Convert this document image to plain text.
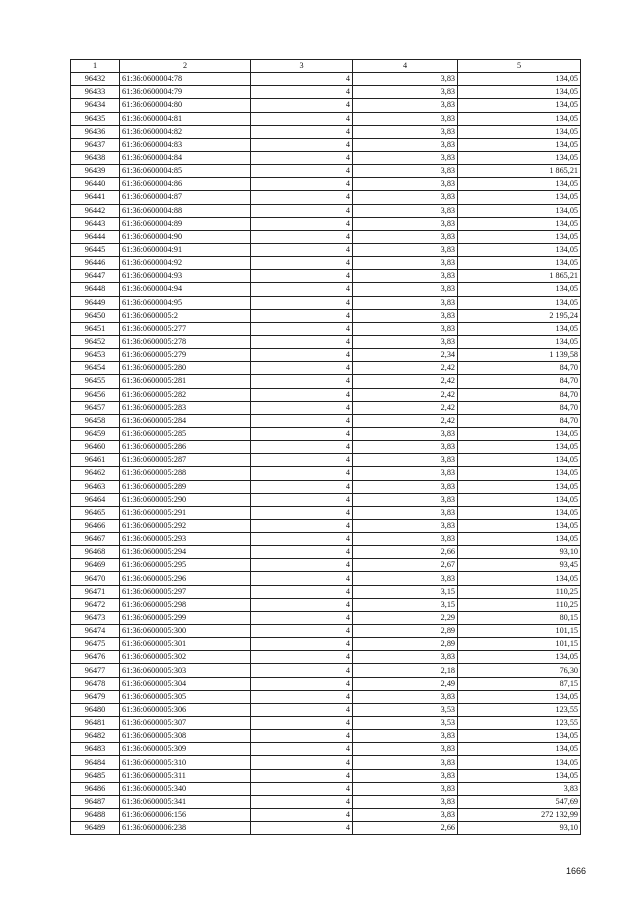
1	2	3	4	5
96432	61:36:0600004:78	4	3,83	134,05
96433	61:36:0600004:79	4	3,83	134,05
96434	61:36:0600004:80	4	3,83	134,05
96435	61:36:0600004:81	4	3,83	134,05
96436	61:36:0600004:82	4	3,83	134,05
96437	61:36:0600004:83	4	3,83	134,05
96438	61:36:0600004:84	4	3,83	134,05
96439	61:36:0600004:85	4	3,83	1 865,21
96440	61:36:0600004:86	4	3,83	134,05
96441	61:36:0600004:87	4	3,83	134,05
96442	61:36:0600004:88	4	3,83	134,05
96443	61:36:0600004:89	4	3,83	134,05
96444	61:36:0600004:90	4	3,83	134,05
96445	61:36:0600004:91	4	3,83	134,05
96446	61:36:0600004:92	4	3,83	134,05
96447	61:36:0600004:93	4	3,83	1 865,21
96448	61:36:0600004:94	4	3,83	134,05
96449	61:36:0600004:95	4	3,83	134,05
96450	61:36:0600005:2	4	3,83	2 195,24
96451	61:36:0600005:277	4	3,83	134,05
96452	61:36:0600005:278	4	3,83	134,05
96453	61:36:0600005:279	4	2,34	1 139,58
96454	61:36:0600005:280	4	2,42	84,70
96455	61:36:0600005:281	4	2,42	84,70
96456	61:36:0600005:282	4	2,42	84,70
96457	61:36:0600005:283	4	2,42	84,70
96458	61:36:0600005:284	4	2,42	84,70
96459	61:36:0600005:285	4	3,83	134,05
96460	61:36:0600005:286	4	3,83	134,05
96461	61:36:0600005:287	4	3,83	134,05
96462	61:36:0600005:288	4	3,83	134,05
96463	61:36:0600005:289	4	3,83	134,05
96464	61:36:0600005:290	4	3,83	134,05
96465	61:36:0600005:291	4	3,83	134,05
96466	61:36:0600005:292	4	3,83	134,05
96467	61:36:0600005:293	4	3,83	134,05
96468	61:36:0600005:294	4	2,66	93,10
96469	61:36:0600005:295	4	2,67	93,45
96470	61:36:0600005:296	4	3,83	134,05
96471	61:36:0600005:297	4	3,15	110,25
96472	61:36:0600005:298	4	3,15	110,25
96473	61:36:0600005:299	4	2,29	80,15
96474	61:36:0600005:300	4	2,89	101,15
96475	61:36:0600005:301	4	2,89	101,15
96476	61:36:0600005:302	4	3,83	134,05
96477	61:36:0600005:303	4	2,18	76,30
96478	61:36:0600005:304	4	2,49	87,15
96479	61:36:0600005:305	4	3,83	134,05
96480	61:36:0600005:306	4	3,53	123,55
96481	61:36:0600005:307	4	3,53	123,55
96482	61:36:0600005:308	4	3,83	134,05
96483	61:36:0600005:309	4	3,83	134,05
96484	61:36:0600005:310	4	3,83	134,05
96485	61:36:0600005:311	4	3,83	134,05
96486	61:36:0600005:340	4	3,83	3,83
96487	61:36:0600005:341	4	3,83	547,69
96488	61:36:0600006:156	4	3,83	272 132,99
96489	61:36:0600006:238	4	2,66	93,10
1666
